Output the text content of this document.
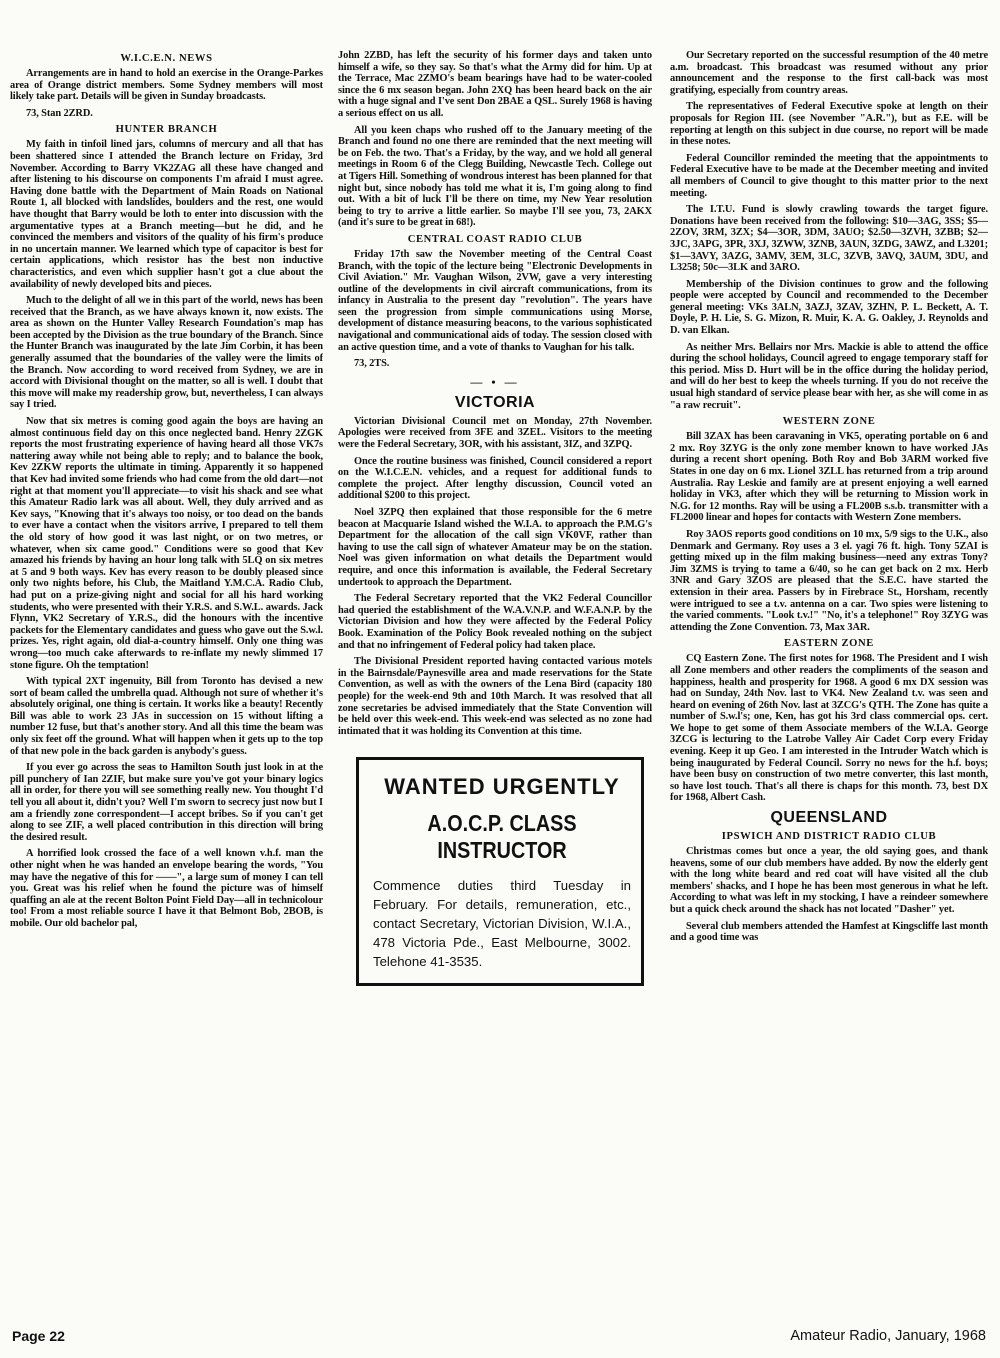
W.I.C.E.N. NEWS

Arrangements are in hand to hold an exercise in the Orange-Parkes area of Orange district members. Some Sydney members will most likely take part. Details will be given in Sunday broadcasts.

73, Stan 2ZRD.

HUNTER BRANCH

My faith in tinfoil lined jars, columns of mercury and all that has been shattered since I attended the Branch lecture on Friday, 3rd November. According to Barry VK2ZAG all these have changed and after listening to his discourse on components I'm afraid I must agree. Having done battle with the Department of Main Roads on National Route 1, all blocked with landslides, boulders and the rest, one would have thought that Barry would be loth to enter into discussion with the argumentative types at a Branch meeting—but he did, and he convinced the members and visitors of the quality of his firm's produce in no uncertain manner. We learned which type of capacitor is best for certain applications, which resistor has the best non inductive characteristics, and even which supplier hasn't got a clue about the availability of newly developed bits and pieces.

Much to the delight of all we in this part of the world, news has been received that the Branch, as we have always known it, now exists. The area as shown on the Hunter Valley Research Foundation's map has been accepted by the Division as the true boundary of the Branch. Since the Hunter Branch was inaugurated by the late Jim Corbin, it has been generally assumed that the boundaries of the valley were the limits of the Branch. Now according to word received from Sydney, we are in accord with Divisional thought on the matter, so all is well. I doubt that this move will make my readership grow, but, nevertheless, I can always say I tried.

Now that six metres is coming good again the boys are having an almost continuous field day on this once neglected band. Henry 2ZGK reports the most frustrating experience of having heard all those VK7s nattering away while not being able to reply; and to balance the book, Kev 2ZKW reports the ultimate in timing. Apparently it so happened that Kev had invited some friends who had come from the old dart—not right at that moment you'll appreciate—to visit his shack and see what this Amateur Radio lark was all about. Well, they duly arrived and as Kev says, "Knowing that it's always too noisy, or too dead on the bands to ever have a contact when the visitors arrive, I prepared to tell them the old story of how good it was last night, or on two metres, or whatever, when six came good." Conditions were so good that Kev amazed his friends by having an hour long talk with 5LQ on six metres at 5 and 9 both ways. Kev has every reason to be doubly pleased since only two nights before, his Club, the Maitland Y.M.C.A. Radio Club, had put on a prize-giving night and social for all his hard working students, who were presented with their Y.R.S. and S.W.L. awards. Jack Flynn, VK2 Secretary of Y.R.S., did the honours with the incentive packets for the Elementary candidates and guess who gave out the S.w.l. prizes. Yes, right again, old dial-a-country himself. Only one thing was wrong—too much cake afterwards to re-inflate my newly slimmed 17 stone figure. Oh the temptation!

With typical 2XT ingenuity, Bill from Toronto has devised a new sort of beam called the umbrella quad. Although not sure of whether it's absolutely original, one thing is certain. It works like a beauty! Recently Bill was able to work 23 JAs in succession on 15 without lifting a number 12 fuse, but that's another story. And all this time the beam was only six feet off the ground. What will happen when it gets up to the top of that new pole in the back garden is anybody's guess.

If you ever go across the seas to Hamilton South just look in at the pill punchery of Ian 2ZIF, but make sure you've got your binary logics all in order, for there you will see something really new. You thought I'd tell you all about it, didn't you? Well I'm sworn to secrecy just now but I am a friendly zone correspondent—I accept bribes. So if you can't get along to see ZIF, a well placed contribution in this direction will bring the desired result.

A horrified look crossed the face of a well known v.h.f. man the other night when he was handed an envelope bearing the words, "You may have the negative of this for ——", a large sum of money I can tell you. Great was his relief when he found the picture was of himself quaffing an ale at the recent Bolton Point Field Day—all in technicolour too! From a most reliable source I have it that Belmont Bob, 2BOB, is mobile. Our old bachelor pal,

John 2ZBD, has left the security of his former days and taken unto himself a wife, so they say. So that's what the Army did for him. Up at the Terrace, Mac 2ZMO's beam bearings have had to be water-cooled since the 6 mx season began. John 2XQ has been heard back on the air with a huge signal and I've sent Don 2BAE a QSL. Surely 1968 is having a serious effect on us all.

All you keen chaps who rushed off to the January meeting of the Branch and found no one there are reminded that the next meeting will be on Feb. the two. That's a Friday, by the way, and we hold all general meetings in Room 6 of the Clegg Building, Newcastle Tech. College out at Tigers Hill. Something of wondrous interest has been planned for that night but, since nobody has told me what it is, I'm going along to find out. With a bit of luck I'll be there on time, my New Year resolution being to try to arrive a little earlier. So maybe I'll see you, 73, 2AKX (and it's sure to be great in 68!).

CENTRAL COAST RADIO CLUB

Friday 17th saw the November meeting of the Central Coast Branch, with the topic of the lecture being "Electronic Developments in Civil Aviation." Mr. Vaughan Wilson, 2VW, gave a very interesting outline of the developments in civil aircraft communications, from its infancy in Australia to the present day "revolution". The years have seen the progression from simple communications using Morse, development of distance measuring beacons, to the various sophisticated navigational and communicational aids of today. The session closed with an active question time, and a vote of thanks to Vaughan for his talk.

73, 2TS.

— • —
VICTORIA

Victorian Divisional Council met on Monday, 27th November. Apologies were received from 3FE and 3ZEL. Visitors to the meeting were the Federal Secretary, 3OR, with his assistant, 3IZ, and 3ZPQ.

Once the routine business was finished, Council considered a report on the W.I.C.E.N. vehicles, and a request for additional funds to complete the project. After lengthy discussion, Council voted an additional $200 to this project.

Noel 3ZPQ then explained that those responsible for the 6 metre beacon at Macquarie Island wished the W.I.A. to approach the P.M.G's Department for the allocation of the call sign VK0VF, rather than having to use the call sign of whatever Amateur may be on the station. Noel was given information on what details the Department would require, and once this information is available, the Federal Secretary undertook to approach the Department.

The Federal Secretary reported that the VK2 Federal Councillor had queried the establishment of the W.A.V.N.P. and W.F.A.N.P. by the Victorian Division and how they were affected by the Federal Policy Book. Examination of the Policy Book revealed nothing on the subject and that no infringement of Federal policy had taken place.

The Divisional President reported having contacted various motels in the Bairnsdale/Paynesville area and made reservations for the State Convention, as well as with the owners of the Lena Bird (capacity 180 people) for the week-end 9th and 10th March. It was resolved that all zone secretaries be advised immediately that the State Convention will be held over this week-end. This week-end was selected as no zone had intimated that it was holding its Convention at this time.

WANTED URGENTLY
A.O.C.P. CLASS INSTRUCTOR
Commence duties third Tuesday in February. For details, remuneration, etc., contact Secretary, Victorian Division, W.I.A., 478 Victoria Pde., East Melbourne, 3002. Telehone 41-3535.

Our Secretary reported on the successful resumption of the 40 metre a.m. broadcast. This broadcast was resumed without any prior announcement and the response to the first call-back was most gratifying, especially from country areas.

The representatives of Federal Executive spoke at length on their proposals for Region III. (see November "A.R."), but as F.E. will be reporting at length on this subject in due course, no report will be made in these notes.

Federal Councillor reminded the meeting that the appointments to Federal Executive have to be made at the December meeting and invited all members of Council to give thought to this matter prior to the next meeting.

The I.T.U. Fund is slowly crawling towards the target figure. Donations have been received from the following: $10—3AG, 3SS; $5—2ZOV, 3RM, 3ZX; $4—3OR, 3DM, 3AUO; $2.50—3ZVH, 3ZBB; $2—3JC, 3APG, 3PR, 3XJ, 3ZWW, 3ZNB, 3AUN, 3ZDG, 3AWZ, and L3201; $1—3AVY, 3AZG, 3AMV, 3EM, 3LC, 3ZVB, 3AVQ, 3AUM, 3DU, and L3258; 50c—3LK and 3ARO.

Membership of the Division continues to grow and the following people were accepted by Council and recommended to the December general meeting: VKs 3ALN, 3AZJ, 3ZAV, 3ZHN, P. L. Beckett, A. T. Doyle, P. H. Lie, S. G. Mizon, R. Muir, K. A. G. Oakley, J. Reynolds and D. van Elkan.

As neither Mrs. Bellairs nor Mrs. Mackie is able to attend the office during the school holidays, Council agreed to engage temporary staff for this period. Miss D. Hurt will be in the office during the holiday period, and will do her best to keep the wheels turning. If you do not receive the usual high standard of service please bear with her, as she will come in as "a raw recruit".

WESTERN ZONE

Bill 3ZAX has been caravaning in VK5, operating portable on 6 and 2 mx. Roy 3ZYG is the only zone member known to have worked JAs during a recent short opening. Both Roy and Bob 3ARM worked five States in one day on 6 mx. Lionel 3ZLL has returned from a trip around Australia. Ray Leskie and family are at present enjoying a well earned holiday in VK3, after which they will be returning to Mission work in N.G. for 12 months. Ray will be using a FL200B s.s.b. transmitter with a FL2000 linear and hopes for contacts with Western Zone members.

Roy 3AOS reports good conditions on 10 mx, 5/9 sigs to the U.K., also Denmark and Germany. Roy uses a 3 el. yagi 76 ft. high. Tony 5ZAI is getting mixed up in the film making business—need any extras Tony? Jim 3ZMS is trying to tame a 6/40, so he can get back on 2 mx. Herb 3NR and Gary 3ZOS are pleased that the S.E.C. have started the extension in their area. Passers by in Firebrace St., Horsham, recently were intrigued to see a t.v. antenna on a car. Two spies were listening to the varied comments. "Look t.v.!" "No, it's a telephone!" Roy 3ZYG was attending the Zone Convention. 73, Max 3AR.

EASTERN ZONE

CQ Eastern Zone. The first notes for 1968. The President and I wish all Zone members and other readers the compliments of the season and happiness, health and prosperity for 1968. A good 6 mx DX session was had on Sunday, 24th Nov. last to VK4. New Zealand t.v. was seen and heard on evening of 26th Nov. last at 3ZCG's QTH. The Zone has quite a number of S.w.l's; one, Ken, has got his 3rd class commercial ops. cert. We hope to get some of them Associate members of the W.I.A. George 3ZCG is lecturing to the Latrobe Valley Air Cadet Corp every Friday evening. Keep it up Geo. I am interested in the Intruder Watch which is being inaugurated by Federal Council. Sorry no news for the h.f. boys; have been busy on construction of two metre converter, this last month, so have lost touch. That's all there is chaps for this month. 73, best DX for 1968, Albert Cash.

QUEENSLAND
IPSWICH AND DISTRICT RADIO CLUB

Christmas comes but once a year, the old saying goes, and thank heavens, some of our club members have added. By now the elderly gent with the long white beard and red coat will have visited all the club members' shacks, and I hope he has been most generous in what he left. According to what was left in my stocking, I have a reindeer somewhere but a quick check around the shack has not located "Dasher" yet.

Several club members attended the Hamfest at Kingscliffe last month and a good time was

Page 22	Amateur Radio, January, 1968
